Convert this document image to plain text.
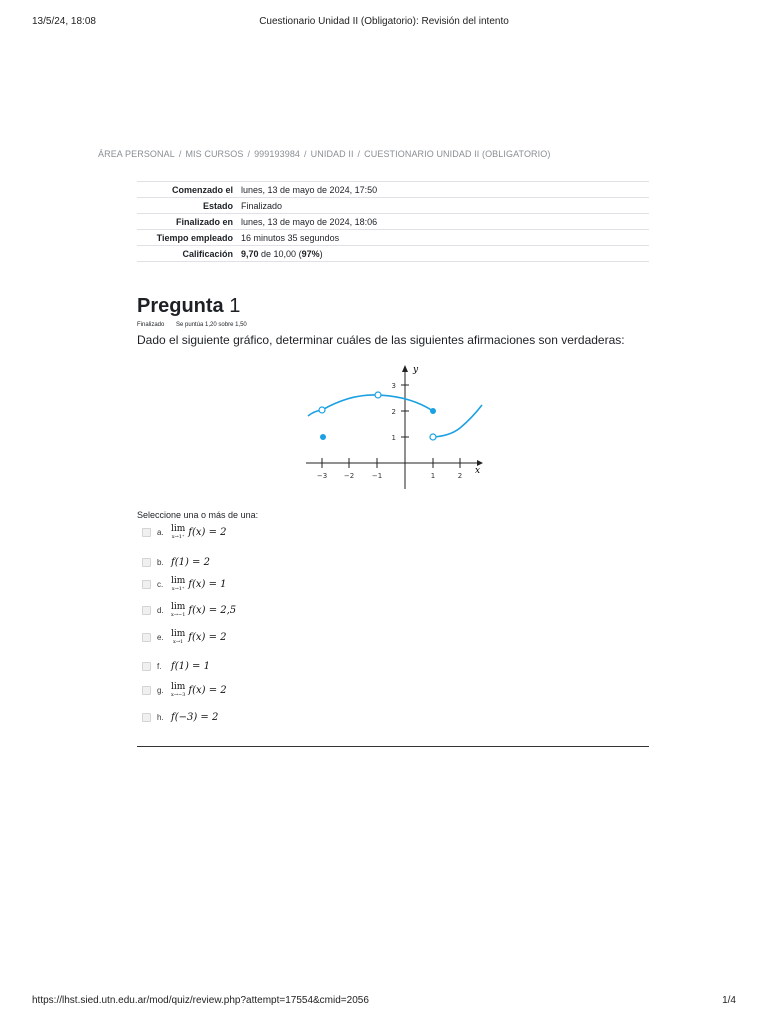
13/5/24, 18:08	Cuestionario Unidad II (Obligatorio): Revisión del intento
ÁREA PERSONAL / MIS CURSOS / 999193984 / UNIDAD II / CUESTIONARIO UNIDAD II (OBLIGATORIO)
Comenzado el	lunes, 13 de mayo de 2024, 17:50
Estado	Finalizado
Finalizado en	lunes, 13 de mayo de 2024, 18:06
Tiempo empleado	16 minutos 35 segundos
Calificación	9,70 de 10,00 (97%)
Pregunta 1
Finalizado Se puntúa 1,20 sobre 1,50
Dado el siguiente gráfico, determinar cuáles de las siguientes afirmaciones son verdaderas:
y
x
−3 −2	−1	1	2
1
2
3
Seleccione una o más de una:
a. lim
x→1⁺ f(x) = 2
b. f(1) = 2
c. lim
x→1⁺ f(x) = 1
d. lim
x→−1 f(x) = 2,5
e. lim
x→1 f(x) = 2
f. f(1) = 1
g. lim
x→−3 f(x) = 2
h. f(−3) = 2
https://lhst.sied.utn.edu.ar/mod/quiz/review.php?attempt=17554&cmid=2056	1/4
